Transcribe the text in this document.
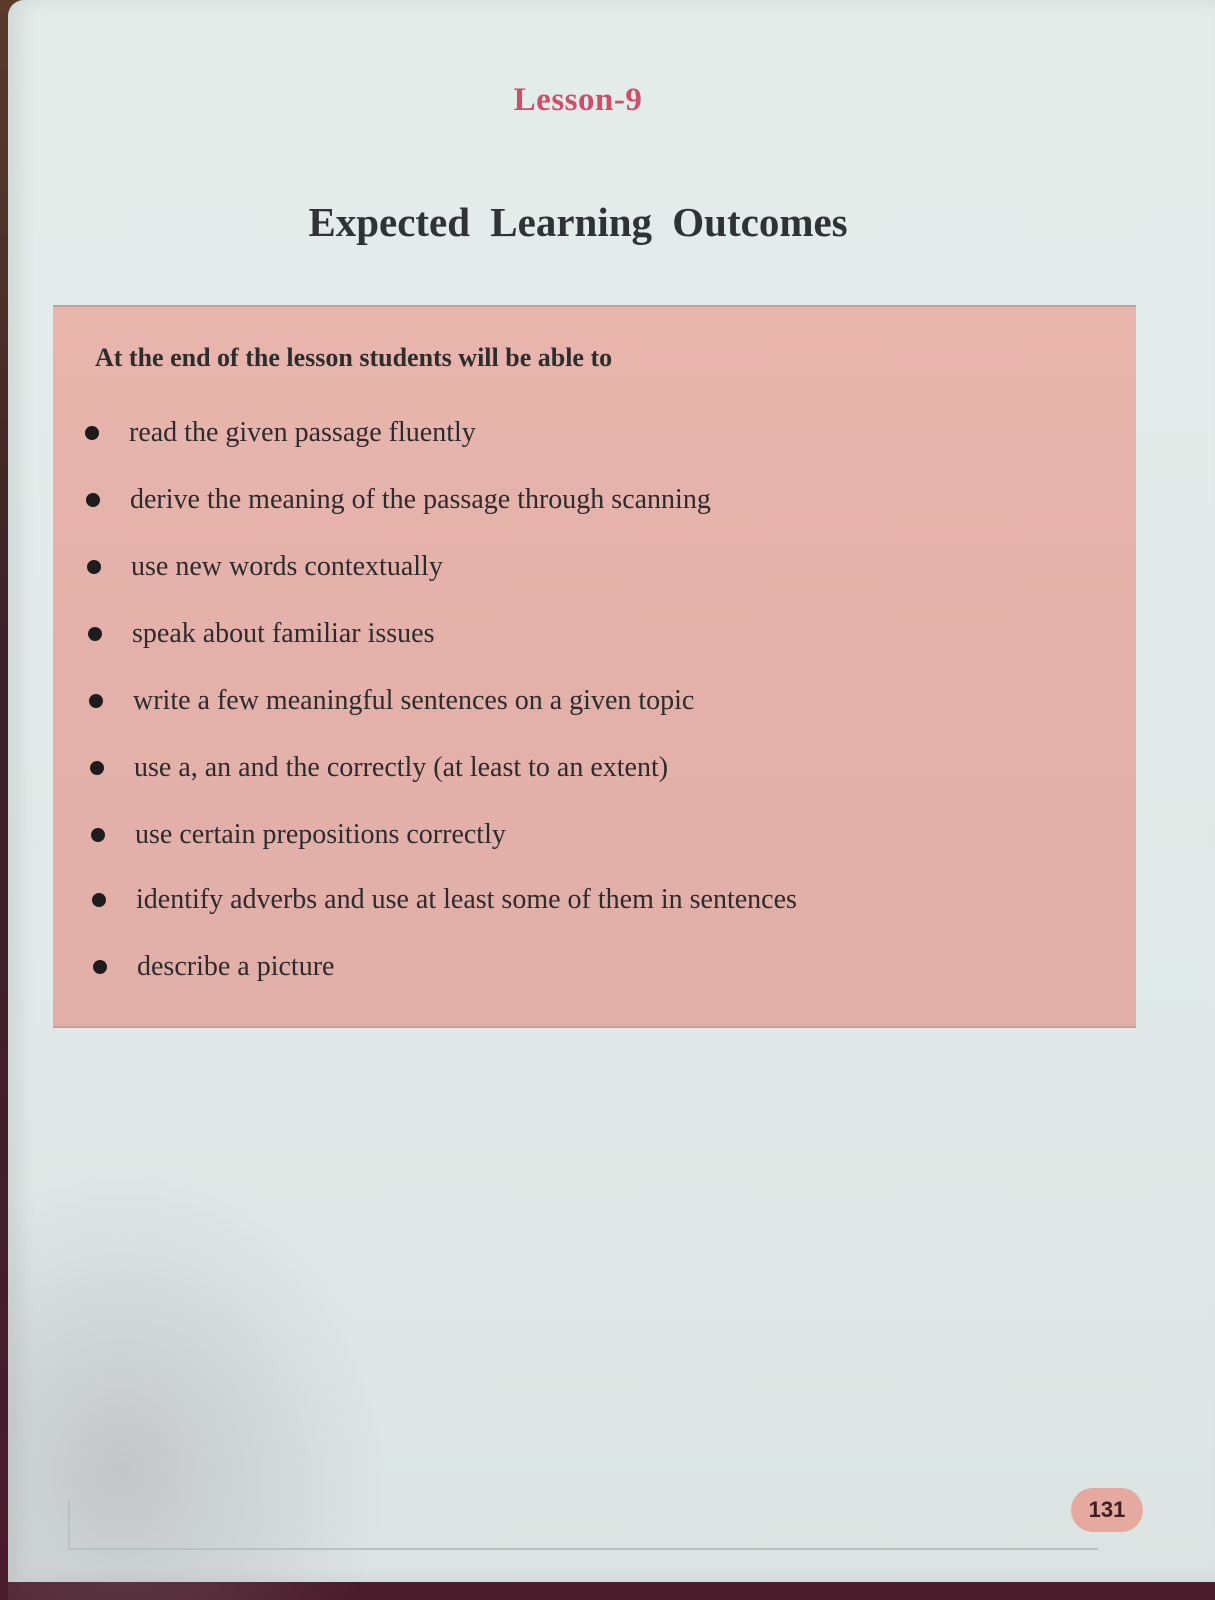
Lesson-9
Expected Learning Outcomes
At the end of the lesson students will be able to
read the given passage fluently
derive the meaning of the passage through scanning
use new words contextually
speak about familiar issues
write a few meaningful sentences on a given topic
use a, an and the correctly (at least to an extent)
use certain prepositions correctly
identify adverbs and use at least some of them in sentences
describe a picture
131
